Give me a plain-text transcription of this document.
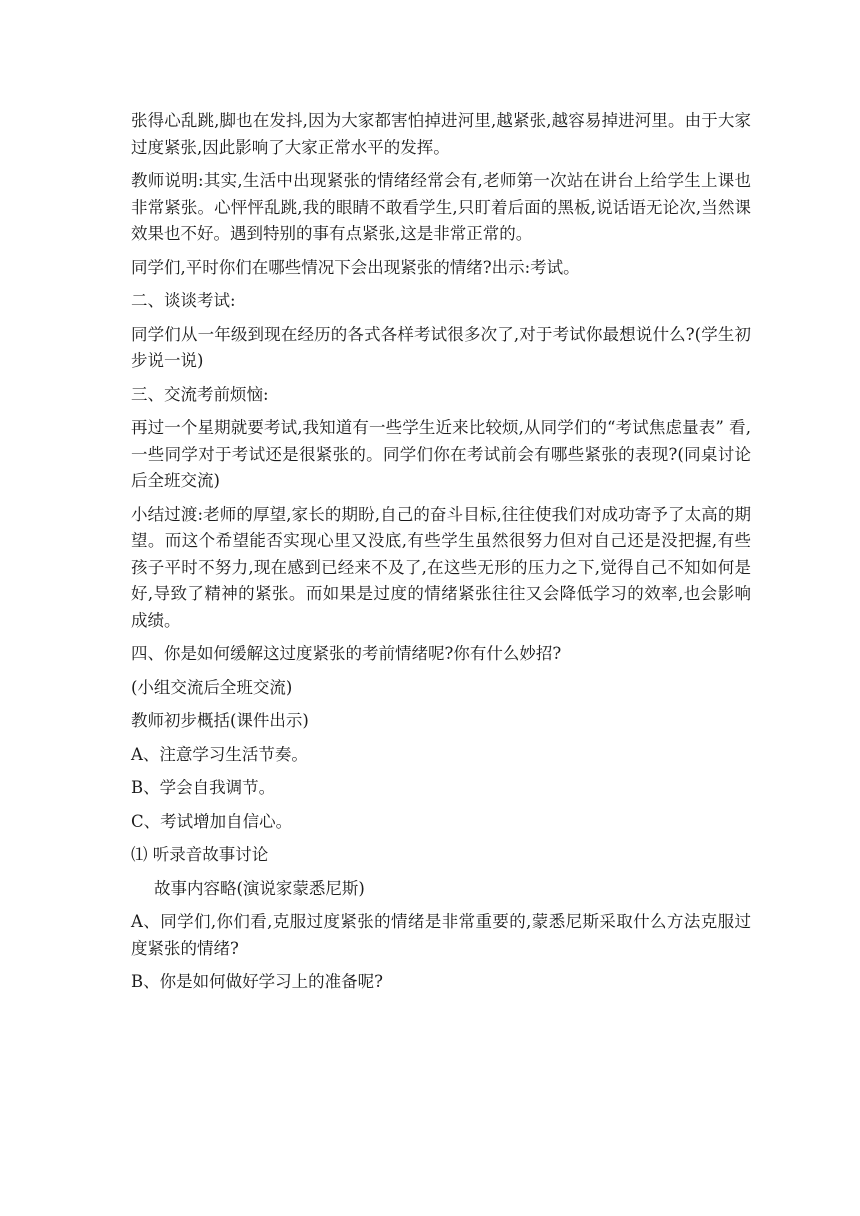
张得心乱跳,脚也在发抖,因为大家都害怕掉进河里,越紧张,越容易掉进河里。由于大家过度紧张,因此影响了大家正常水平的发挥。

教师说明:其实,生活中出现紧张的情绪经常会有,老师第一次站在讲台上给学生上课也非常紧张。心怦怦乱跳,我的眼睛不敢看学生,只盯着后面的黑板,说话语无论次,当然课效果也不好。遇到特别的事有点紧张,这是非常正常的。

同学们,平时你们在哪些情况下会出现紧张的情绪?出示:考试。

二、谈谈考试:

同学们从一年级到现在经历的各式各样考试很多次了,对于考试你最想说什么?(学生初步说一说)

三、交流考前烦恼:

再过一个星期就要考试,我知道有一些学生近来比较烦,从同学们的“考试焦虑量表” 看,一些同学对于考试还是很紧张的。同学们你在考试前会有哪些紧张的表现?(同桌讨论后全班交流)

小结过渡:老师的厚望,家长的期盼,自己的奋斗目标,往往使我们对成功寄予了太高的期望。而这个希望能否实现心里又没底,有些学生虽然很努力但对自己还是没把握,有些孩子平时不努力,现在感到已经来不及了,在这些无形的压力之下,觉得自己不知如何是好,导致了精神的紧张。而如果是过度的情绪紧张往往又会降低学习的效率,也会影响成绩。

四、你是如何缓解这过度紧张的考前情绪呢?你有什么妙招?

(小组交流后全班交流)

教师初步概括(课件出示)

A、注意学习生活节奏。

B、学会自我调节。

C、考试增加自信心。

⑴ 听录音故事讨论

故事内容略(演说家蒙悉尼斯)

A、同学们,你们看,克服过度紧张的情绪是非常重要的,蒙悉尼斯采取什么方法克服过度紧张的情绪?

B、你是如何做好学习上的准备呢?
